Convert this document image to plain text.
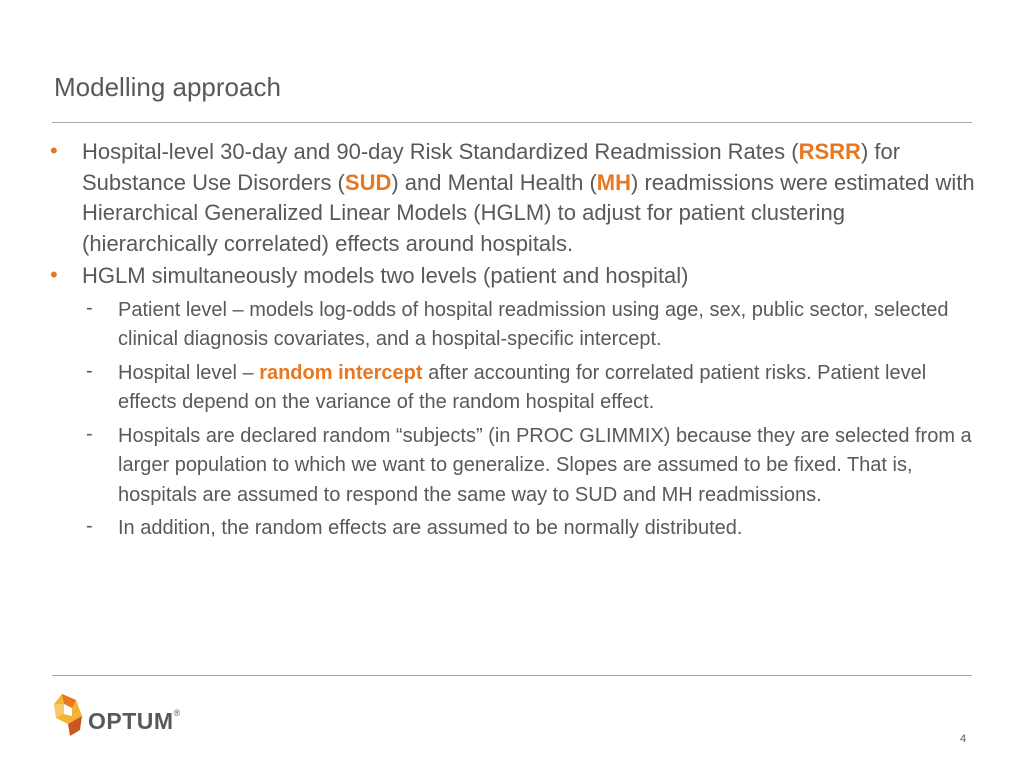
Modelling approach
• Hospital-level 30-day and 90-day Risk Standardized Readmission Rates (RSRR) for Substance Use Disorders (SUD) and Mental Health (MH) readmissions were estimated with Hierarchical Generalized Linear Models (HGLM) to adjust for patient clustering (hierarchically correlated) effects around hospitals.
• HGLM simultaneously models two levels (patient and hospital)
- Patient level – models log-odds of hospital readmission using age, sex, public sector, selected clinical diagnosis covariates, and a hospital-specific intercept.
- Hospital level – random intercept after accounting for correlated patient risks. Patient level effects depend on the variance of the random hospital effect.
- Hospitals are declared random “subjects” (in PROC GLIMMIX) because they are selected from a larger population to which we want to generalize. Slopes are assumed to be fixed. That is, hospitals are assumed to respond the same way to SUD and MH readmissions.
- In addition, the random effects are assumed to be normally distributed.
OPTUM®
4
